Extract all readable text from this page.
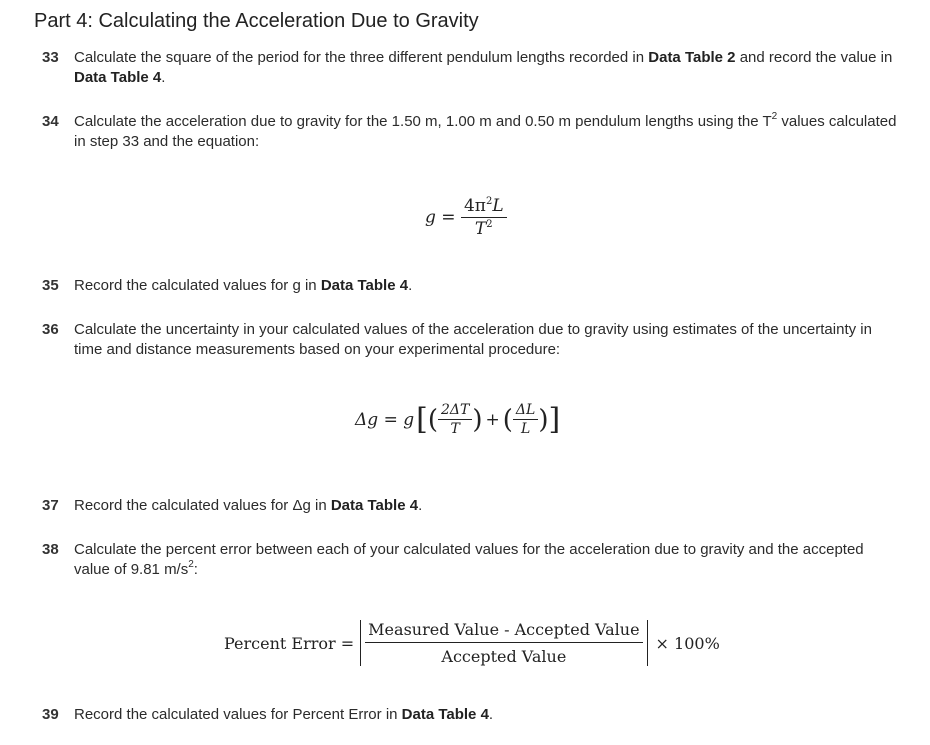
Part 4: Calculating the Acceleration Due to Gravity
33 Calculate the square of the period for the three different pendulum lengths recorded in Data Table 2 and record the value in Data Table 4.
34 Calculate the acceleration due to gravity for the 1.50 m, 1.00 m and 0.50 m pendulum lengths using the $T^2$ values calculated in step 33 and the equation:
$g = \frac{4\pi^2L}{T^2}$
35 Record the calculated values for g in Data Table 4.
36 Calculate the uncertainty in your calculated values of the acceleration due to gravity using estimates of the uncertainty in time and distance measurements based on your experimental procedure:
Δg = g [ ( $\frac{2\Delta T}{T}$ ) + ( $\frac{\Delta L}{L}$ ) ]
37 Record the calculated values for Δg in Data Table 4.
38 Calculate the percent error between each of your calculated values for the acceleration due to gravity and the accepted value of 9.81 $m/s^2$:
Percent Error = $\frac{\text{Measured Value - Accepted Value}}{\text{Accepted Value}} \times 100\%$
39 Record the calculated values for Percent Error in Data Table 4.
